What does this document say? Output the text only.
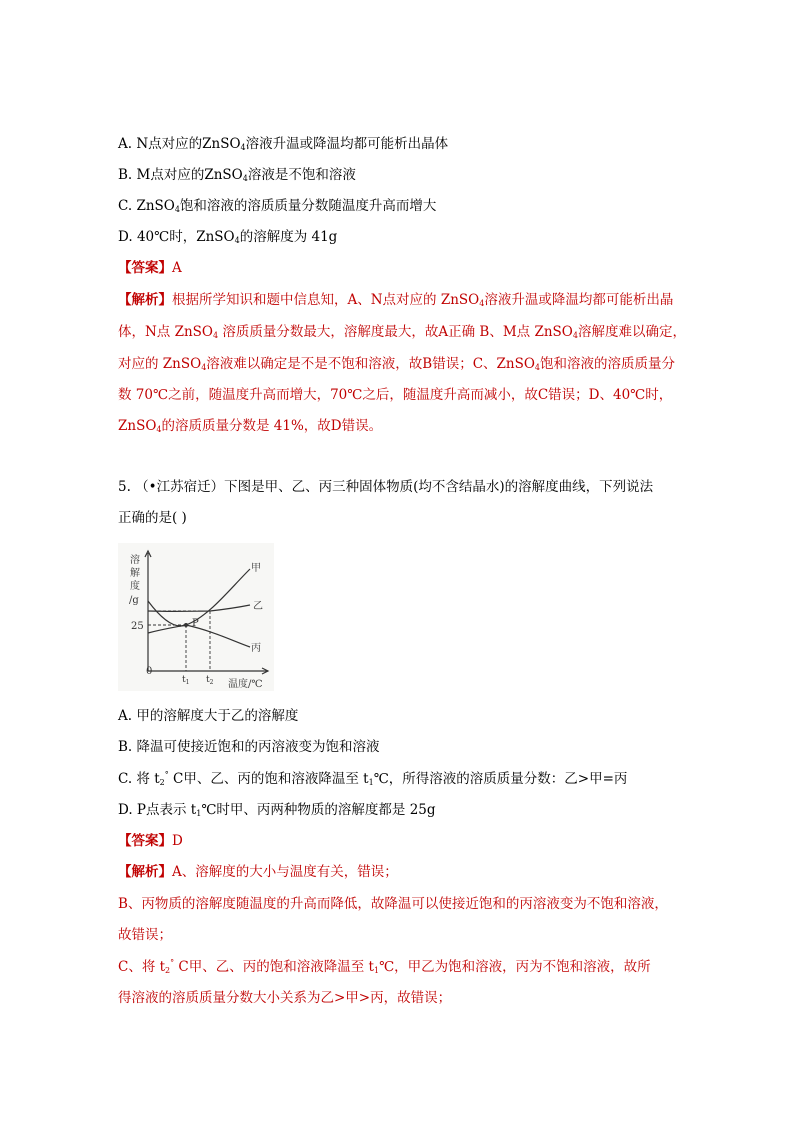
A. N点对应的ZnSO$_4$溶液升温或降温均都可能析出晶体
B. M点对应的ZnSO$_4$溶液是不饱和溶液
C. ZnSO$_4$饱和溶液的溶质质量分数随温度升高而增大
D. 40℃时，ZnSO$_4$的溶解度为 41g
【答案】A
【解析】根据所学知识和题中信息知，A、N点对应的 ZnSO$_4$溶液升温或降温均都可能析出晶
体，N点 ZnSO$_4$ 溶质质量分数最大，溶解度最大，故A正确 B、M点 ZnSO$_4$溶解度难以确定，
对应的 ZnSO$_4$溶液难以确定是不是不饱和溶液，故B错误；C、ZnSO$_4$饱和溶液的溶质质量分
数 70℃之前，随温度升高而增大，70℃之后，随温度升高而减小，故C错误；D、40℃时，
ZnSO$_4$的溶质质量分数是 41%，故D错误。
5. （•江苏宿迁）下图是甲、乙、丙三种固体物质(均不含结晶水)的溶解度曲线，下列说法
正确的是( )
溶
解
度
/g
25
0
P
甲
乙
丙
$t_1$ $t_2$ 温度/℃
A. 甲的溶解度大于乙的溶解度
B. 降温可使接近饱和的丙溶液变为饱和溶液
C. 将 $t_2^\circ$ C甲、乙、丙的饱和溶液降温至 $t_1℃$，所得溶液的溶质质量分数：乙>甲=丙
D. P点表示 $t_1℃$时甲、丙两种物质的溶解度都是 25g
【答案】D
【解析】A、溶解度的大小与温度有关，错误；
B、丙物质的溶解度随温度的升高而降低，故降温可以使接近饱和的丙溶液变为不饱和溶液，
故错误；
C、将 $t_2^\circ$ C甲、乙、丙的饱和溶液降温至 $t_1℃$，甲乙为饱和溶液，丙为不饱和溶液，故所
得溶液的溶质质量分数大小关系为乙>甲>丙，故错误；
